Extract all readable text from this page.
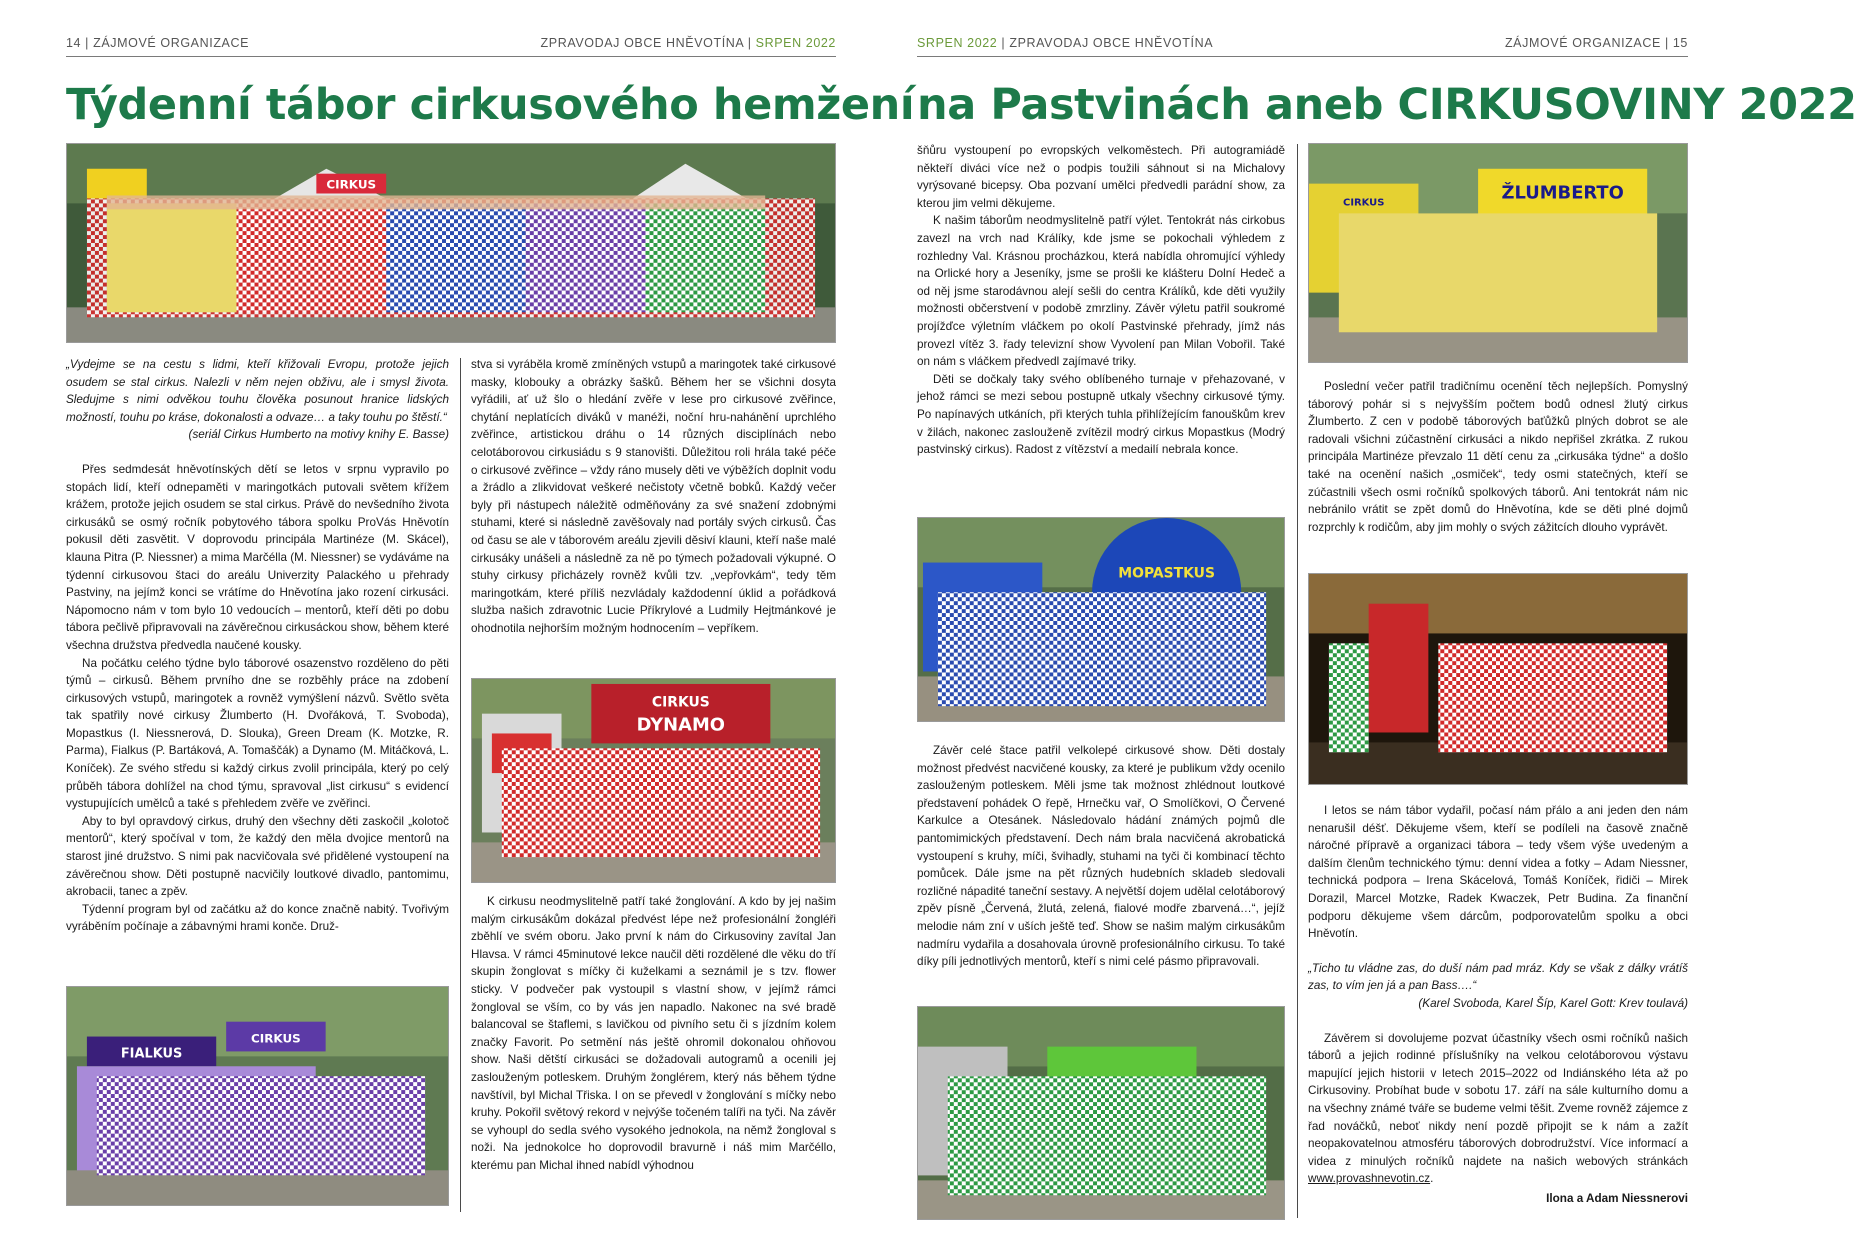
14 | ZÁJMOVÉ ORGANIZACE	ZPRAVODAJ OBCE HNĚVOTÍNA | SRPEN 2022
Týdenní tábor cirkusového hemžení
CIRKUS

„Vydejme se na cestu s lidmi, kteří křižovali Evropu, protože jejich osudem se stal cirkus. Nalezli v něm nejen obživu, ale i smysl života. Sledujme s nimi odvěkou touhu člověka posunout hranice lidských možností, touhu po kráse, dokonalosti a odvaze… a taky touhu po štěstí.“
(seriál Cirkus Humberto na motivy knihy E. Basse)

Přes sedmdesát hněvotínských dětí se letos v srpnu vypravilo po stopách lidí, kteří odnepaměti v maringotkách putovali světem křížem krážem, protože jejich osudem se stal cirkus. Právě do nevšedního života cirkusáků se osmý ročník pobytového tábora spolku ProVás Hněvotín pokusil děti zasvětit. V doprovodu principála Martinéze (M. Skácel), klauna Pitra (P. Niessner) a mima Marčélla (M. Niessner) se vydáváme na týdenní cirkusovou štaci do areálu Univerzity Palackého u přehrady Pastviny, na jejímž konci se vrátíme do Hněvotína jako rození cirkusáci. Nápomocno nám v tom bylo 10 vedoucích – mentorů, kteří děti po dobu tábora pečlivě připravovali na závěrečnou cirkusáckou show, během které všechna družstva předvedla naučené kousky.

Na počátku celého týdne bylo táborové osazenstvo rozděleno do pěti týmů – cirkusů. Během prvního dne se rozběhly práce na zdobení cirkusových vstupů, maringotek a rovněž vymýšlení názvů. Světlo světa tak spatřily nové cirkusy Žlumberto (H. Dvořáková, T. Svoboda), Mopastkus (I. Niessnerová, D. Slouka), Green Dream (K. Motzke, R. Parma), Fialkus (P. Bartáková, A. Tomaščák) a Dynamo (M. Mitáčková, L. Koníček). Ze svého středu si každý cirkus zvolil principála, který po celý průběh tábora dohlížel na chod týmu, spravoval „list cirkusu“ s evidencí vystupujících umělců a také s přehledem zvěře ve zvěřinci.

Aby to byl opravdový cirkus, druhý den všechny děti zaskočil „kolotoč mentorů“, který spočíval v tom, že každý den měla dvojice mentorů na starost jiné družstvo. S nimi pak nacvičovala své přidělené vystoupení na závěrečnou show. Děti postupně nacvičily loutkové divadlo, pantomimu, akrobacii, tanec a zpěv.

Týdenní program byl od začátku až do konce značně nabitý. Tvořivým vyráběním počínaje a zábavnými hrami konče. Druž-

stva si vyráběla kromě zmíněných vstupů a maringotek také cirkusové masky, klobouky a obrázky šašků. Během her se všichni dosyta vyřádili, ať už šlo o hledání zvěře v lese pro cirkusové zvěřince, chytání neplatících diváků v manéži, noční hru-nahánění uprchlého zvěřince, artistickou dráhu o 14 různých disciplínách nebo celotáborovou cirkusiádu s 9 stanovišti. Důležitou roli hrála také péče o cirkusové zvěřince – vždy ráno musely děti ve výběžích doplnit vodu a žrádlo a zlikvidovat veškeré nečistoty včetně bobků. Každý večer byly při nástupech náležitě odměňovány za své snažení zdobnými stuhami, které si následně zavěšovaly nad portály svých cirkusů. Čas od času se ale v táborovém areálu zjevili děsiví klauni, kteří naše malé cirkusáky unášeli a následně za ně po týmech požadovali výkupné. O stuhy cirkusy přicházely rovněž kvůli tzv. „vepřovkám“, tedy těm maringotkám, které příliš nezvládaly každodenní úklid a pořádková služba našich zdravotnic Lucie Příkrylové a Ludmily Hejtmánkové je ohodnotila nejhorším možným hodnocením – vepříkem.

CIRKUS
DYNAMO

K cirkusu neodmyslitelně patří také žonglování. A kdo by jej našim malým cirkusákům dokázal předvést lépe než profesionální žongléři zběhlí ve svém oboru. Jako první k nám do Cirkusoviny zavítal Jan Hlavsa. V rámci 45minutové lekce naučil děti rozdělené dle věku do tří skupin žonglovat s míčky či kuželkami a seznámil je s tzv. flower sticky. V podvečer pak vystoupil s vlastní show, v jejímž rámci žongloval se vším, co by vás jen napadlo. Nakonec na své bradě balancoval se štaflemi, s lavičkou od pivního setu či s jízdním kolem značky Favorit. Po setmění nás ještě ohromil dokonalou ohňovou show. Naši dětští cirkusáci se dožadovali autogramů a ocenili jej zaslouženým potleskem. Druhým žonglérem, který nás během týdne navštívil, byl Michal Třiska. I on se převedl v žonglování s míčky nebo kruhy. Pokořil světový rekord v nejvýše točeném talíři na tyči. Na závěr se vyhoupl do sedla svého vysokého jednokola, na němž žongloval s noži. Na jednokolce ho doprovodil bravurně i náš mim Marčéllo, kterému pan Michal ihned nabídl výhodnou

FIALKUS
CIRKUS
SRPEN 2022 | ZPRAVODAJ OBCE HNĚVOTÍNA	ZÁJMOVÉ ORGANIZACE | 15
na Pastvinách aneb CIRKUSOVINY 2022

šňůru vystoupení po evropských velkoměstech. Při autogramiádě někteří diváci více než o podpis toužili sáhnout si na Michalovy vyrýsované bicepsy. Oba pozvaní umělci předvedli parádní show, za kterou jim velmi děkujeme.

K našim táborům neodmyslitelně patří výlet. Tentokrát nás cirkobus zavezl na vrch nad Králíky, kde jsme se pokochali výhledem z rozhledny Val. Krásnou procházkou, která nabídla ohromující výhledy na Orlické hory a Jeseníky, jsme se prošli ke klášteru Dolní Hedeč a od něj jsme starodávnou alejí sešli do centra Králíků, kde děti využily možnosti občerstvení v podobě zmrzliny. Závěr výletu patřil soukromé projížďce výletním vláčkem po okolí Pastvinské přehrady, jímž nás provezl vítěz 3. řady televizní show Vyvolení pan Milan Vobořil. Také on nám s vláčkem předvedl zajímavé triky.

Děti se dočkaly taky svého oblíbeného turnaje v přehazované, v jehož rámci se mezi sebou postupně utkaly všechny cirkusové týmy. Po napínavých utkáních, při kterých tuhla přihlížejícím fanouškům krev v žilách, nakonec zaslouženě zvítězil modrý cirkus Mopastkus (Modrý pastvinský cirkus). Radost z vítězství a medailí nebrala konce.

MOPASTKUS

Závěr celé štace patřil velkolepé cirkusové show. Děti dostaly možnost předvést nacvičené kousky, za které je publikum vždy ocenilo zaslouženým potleskem. Měli jsme tak možnost zhlédnout loutkové představení pohádek O řepě, Hrnečku vař, O Smolíčkovi, O Červené Karkulce a Otesánek. Následovalo hádání známých pojmů dle pantomimických představení. Dech nám brala nacvičená akrobatická vystoupení s kruhy, míči, švihadly, stuhami na tyči či kombinací těchto pomůcek. Dále jsme na pět různých hudebních skladeb sledovali rozličné nápadité taneční sestavy. A největší dojem udělal celotáborový zpěv písně „Červená, žlutá, zelená, fialové modře zbarvená…“, jejíž melodie nám zní v uších ještě teď. Show se našim malým cirkusákům nadmíru vydařila a dosahovala úrovně profesionálního cirkusu. To také díky píli jednotlivých mentorů, kteří s nimi celé pásmo připravovali.

CIRKUS	ŽLUMBERTO

Poslední večer patřil tradičnímu ocenění těch nejlepších. Pomyslný táborový pohár si s nejvyšším počtem bodů odnesl žlutý cirkus Žlumberto. Z cen v podobě táborových baťůžků plných dobrot se ale radovali všichni zúčastnění cirkusáci a nikdo nepřišel zkrátka. Z rukou principála Martinéze převzalo 11 dětí cenu za „cirkusáka týdne“ a došlo také na ocenění našich „osmiček“, tedy osmi statečných, kteří se zúčastnili všech osmi ročníků spolkových táborů. Ani tentokrát nám nic nebránilo vrátit se zpět domů do Hněvotína, kde se děti plné dojmů rozprchly k rodičům, aby jim mohly o svých zážitcích dlouho vyprávět.

I letos se nám tábor vydařil, počasí nám přálo a ani jeden den nám nenarušil déšť. Děkujeme všem, kteří se podíleli na časově značně náročné přípravě a organizaci tábora – tedy všem výše uvedeným a dalším členům technického týmu: denní videa a fotky – Adam Niessner, technická podpora – Irena Skácelová, Tomáš Koníček, řidiči – Mirek Dorazil, Marcel Motzke, Radek Kwaczek, Petr Budina. Za finanční podporu děkujeme všem dárcům, podporovatelům spolku a obci Hněvotín.

„Ticho tu vládne zas, do duší nám pad mráz. Kdy se však z dálky vrátíš zas, to vím jen já a pan Bass….“
(Karel Svoboda, Karel Šíp, Karel Gott: Krev toulavá)

Závěrem si dovolujeme pozvat účastníky všech osmi ročníků našich táborů a jejich rodinné příslušníky na velkou celotáborovou výstavu mapující jejich historii v letech 2015–2022 od Indiánského léta až po Cirkusoviny. Probíhat bude v sobotu 17. září na sále kulturního domu a na všechny známé tváře se budeme velmi těšit. Zveme rovněž zájemce z řad nováčků, neboť nikdy není pozdě připojit se k nám a zažít neopakovatelnou atmosféru táborových dobrodružství. Více informací a videa z minulých ročníků najdete na našich webových stránkách www.provashnevotin.cz.

Ilona a Adam Niessnerovi
